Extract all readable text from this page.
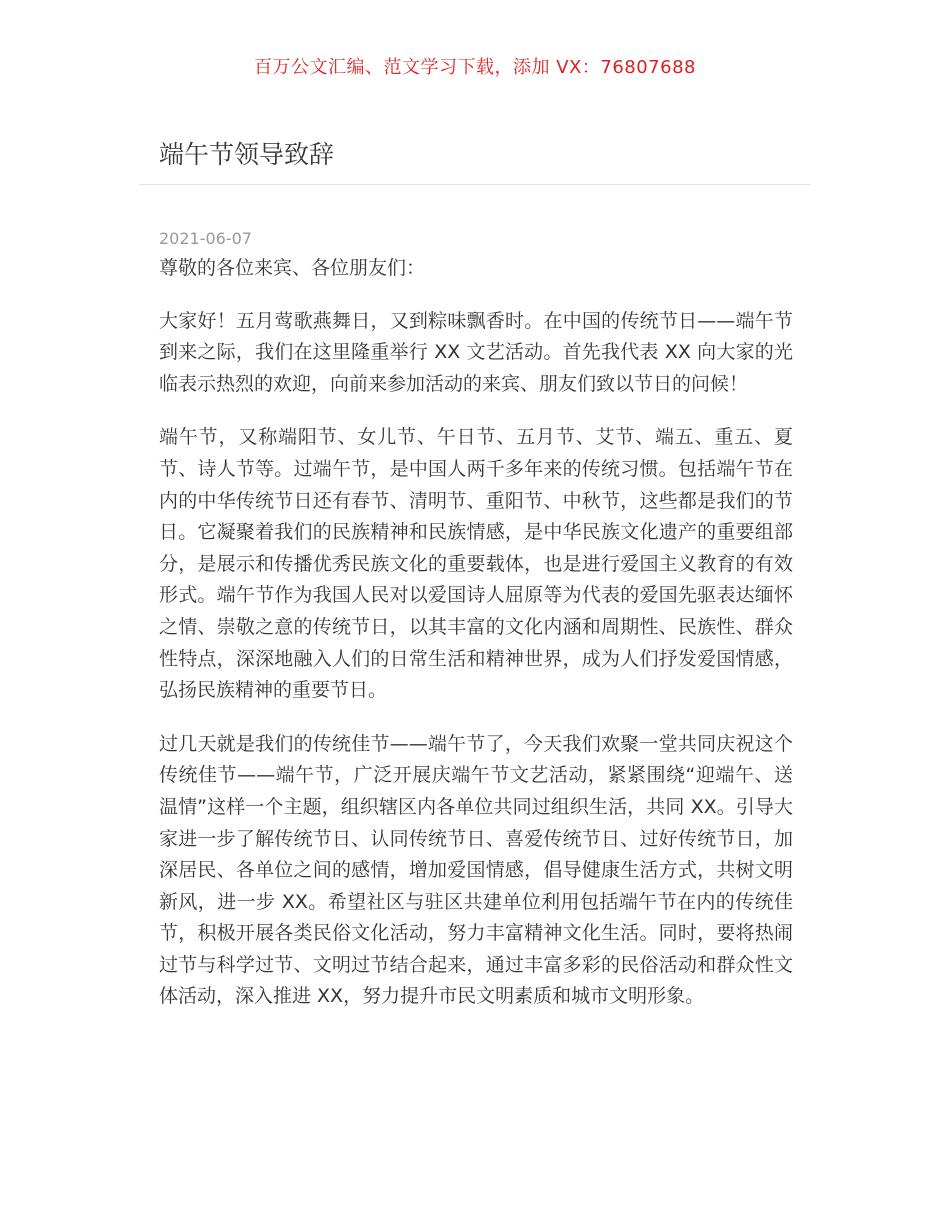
百万公文汇编、范文学习下载，添加 VX：76807688
端午节领导致辞
2021-06-07

尊敬的各位来宾、各位朋友们：

大家好！五月莺歌燕舞日，又到粽味飘香时。在中国的传统节日——端午节到来之际，我们在这里隆重举行 XX 文艺活动。首先我代表 XX 向大家的光临表示热烈的欢迎，向前来参加活动的来宾、朋友们致以节日的问候！

端午节，又称端阳节、女儿节、午日节、五月节、艾节、端五、重五、夏节、诗人节等。过端午节，是中国人两千多年来的传统习惯。包括端午节在内的中华传统节日还有春节、清明节、重阳节、中秋节，这些都是我们的节日。它凝聚着我们的民族精神和民族情感，是中华民族文化遗产的重要组部分，是展示和传播优秀民族文化的重要载体，也是进行爱国主义教育的有效形式。端午节作为我国人民对以爱国诗人屈原等为代表的爱国先驱表达缅怀之情、崇敬之意的传统节日，以其丰富的文化内涵和周期性、民族性、群众性特点，深深地融入人们的日常生活和精神世界，成为人们抒发爱国情感，弘扬民族精神的重要节日。

过几天就是我们的传统佳节——端午节了，今天我们欢聚一堂共同庆祝这个传统佳节——端午节，广泛开展庆端午节文艺活动，紧紧围绕“迎端午、送温情”这样一个主题，组织辖区内各单位共同过组织生活，共同 XX。引导大家进一步了解传统节日、认同传统节日、喜爱传统节日、过好传统节日，加深居民、各单位之间的感情，增加爱国情感，倡导健康生活方式，共树文明新风，进一步 XX。希望社区与驻区共建单位利用包括端午节在内的传统佳节，积极开展各类民俗文化活动，努力丰富精神文化生活。同时，要将热闹过节与科学过节、文明过节结合起来，通过丰富多彩的民俗活动和群众性文体活动，深入推进 XX，努力提升市民文明素质和城市文明形象。
